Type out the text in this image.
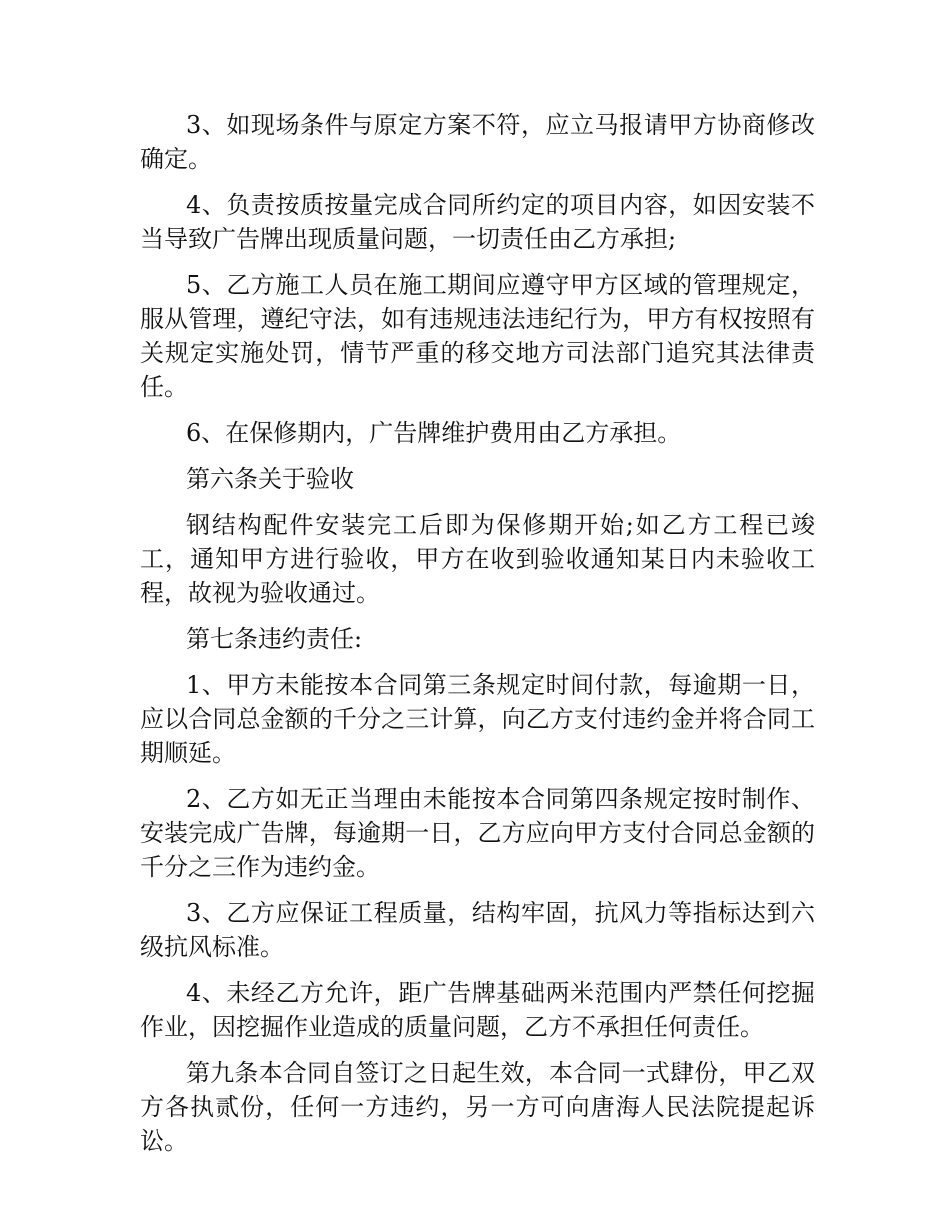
3、如现场条件与原定方案不符，应立马报请甲方协商修改确定。

4、负责按质按量完成合同所约定的项目内容，如因安装不当导致广告牌出现质量问题，一切责任由乙方承担;

5、乙方施工人员在施工期间应遵守甲方区域的管理规定，服从管理，遵纪守法，如有违规违法违纪行为，甲方有权按照有关规定实施处罚，情节严重的移交地方司法部门追究其法律责任。

6、在保修期内，广告牌维护费用由乙方承担。

第六条关于验收

钢结构配件安装完工后即为保修期开始;如乙方工程已竣工，通知甲方进行验收，甲方在收到验收通知某日内未验收工程，故视为验收通过。

第七条违约责任:

1、甲方未能按本合同第三条规定时间付款，每逾期一日，应以合同总金额的千分之三计算，向乙方支付违约金并将合同工期顺延。

2、乙方如无正当理由未能按本合同第四条规定按时制作、安装完成广告牌，每逾期一日，乙方应向甲方支付合同总金额的千分之三作为违约金。

3、乙方应保证工程质量，结构牢固，抗风力等指标达到六级抗风标准。

4、未经乙方允许，距广告牌基础两米范围内严禁任何挖掘作业，因挖掘作业造成的质量问题，乙方不承担任何责任。

第九条本合同自签订之日起生效，本合同一式肆份，甲乙双方各执贰份，任何一方违约，另一方可向唐海人民法院提起诉讼。
